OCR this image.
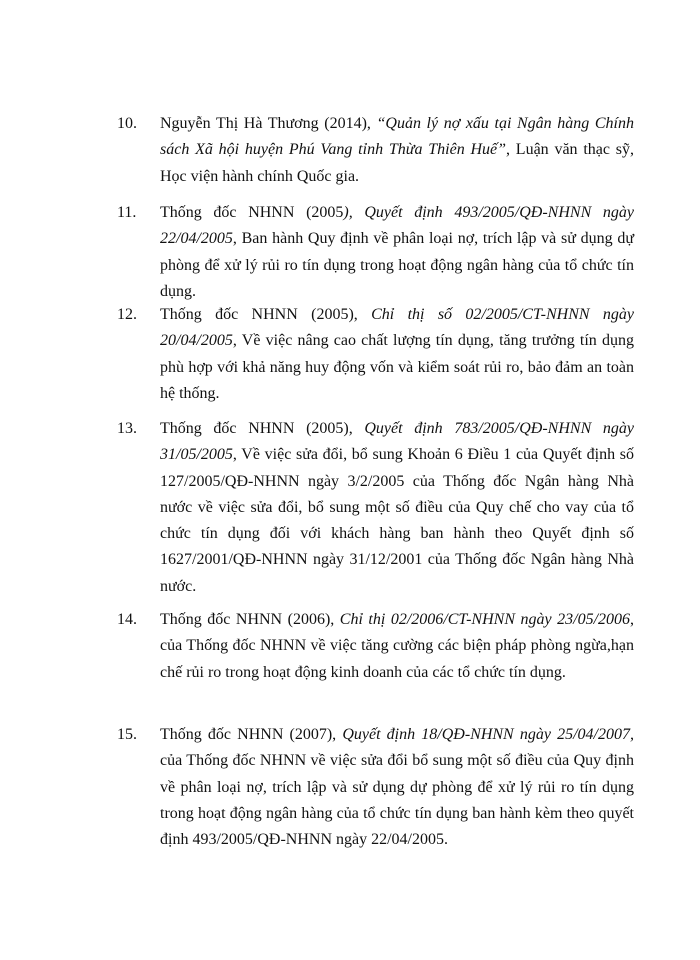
10. Nguyễn Thị Hà Thương (2014), “Quản lý nợ xấu tại Ngân hàng Chính sách Xã hội huyện Phú Vang tỉnh Thừa Thiên Huế”, Luận văn thạc sỹ, Học viện hành chính Quốc gia.
11. Thống đốc NHNN (2005), Quyết định 493/2005/QĐ-NHNN ngày 22/04/2005, Ban hành Quy định về phân loại nợ, trích lập và sử dụng dự phòng để xử lý rủi ro tín dụng trong hoạt động ngân hàng của tổ chức tín dụng.
12. Thống đốc NHNN (2005), Chỉ thị số 02/2005/CT-NHNN ngày 20/04/2005, Về việc nâng cao chất lượng tín dụng, tăng trưởng tín dụng phù hợp với khả năng huy động vốn và kiểm soát rủi ro, bảo đảm an toàn hệ thống.
13. Thống đốc NHNN (2005), Quyết định 783/2005/QĐ-NHNN ngày 31/05/2005, Về việc sửa đổi, bổ sung Khoản 6 Điều 1 của Quyết định số 127/2005/QĐ-NHNN ngày 3/2/2005 của Thống đốc Ngân hàng Nhà nước về việc sửa đổi, bổ sung một số điều của Quy chế cho vay của tổ chức tín dụng đối với khách hàng ban hành theo Quyết định số 1627/2001/QĐ-NHNN ngày 31/12/2001 của Thống đốc Ngân hàng Nhà nước.
14. Thống đốc NHNN (2006), Chỉ thị 02/2006/CT-NHNN ngày 23/05/2006, của Thống đốc NHNN về việc tăng cường các biện pháp phòng ngừa,hạn chế rủi ro trong hoạt động kinh doanh của các tổ chức tín dụng.
15. Thống đốc NHNN (2007), Quyết định 18/QĐ-NHNN ngày 25/04/2007, của Thống đốc NHNN về việc sửa đổi bổ sung một số điều của Quy định về phân loại nợ, trích lập và sử dụng dự phòng để xử lý rủi ro tín dụng trong hoạt động ngân hàng của tổ chức tín dụng ban hành kèm theo quyết định 493/2005/QĐ-NHNN ngày 22/04/2005.
